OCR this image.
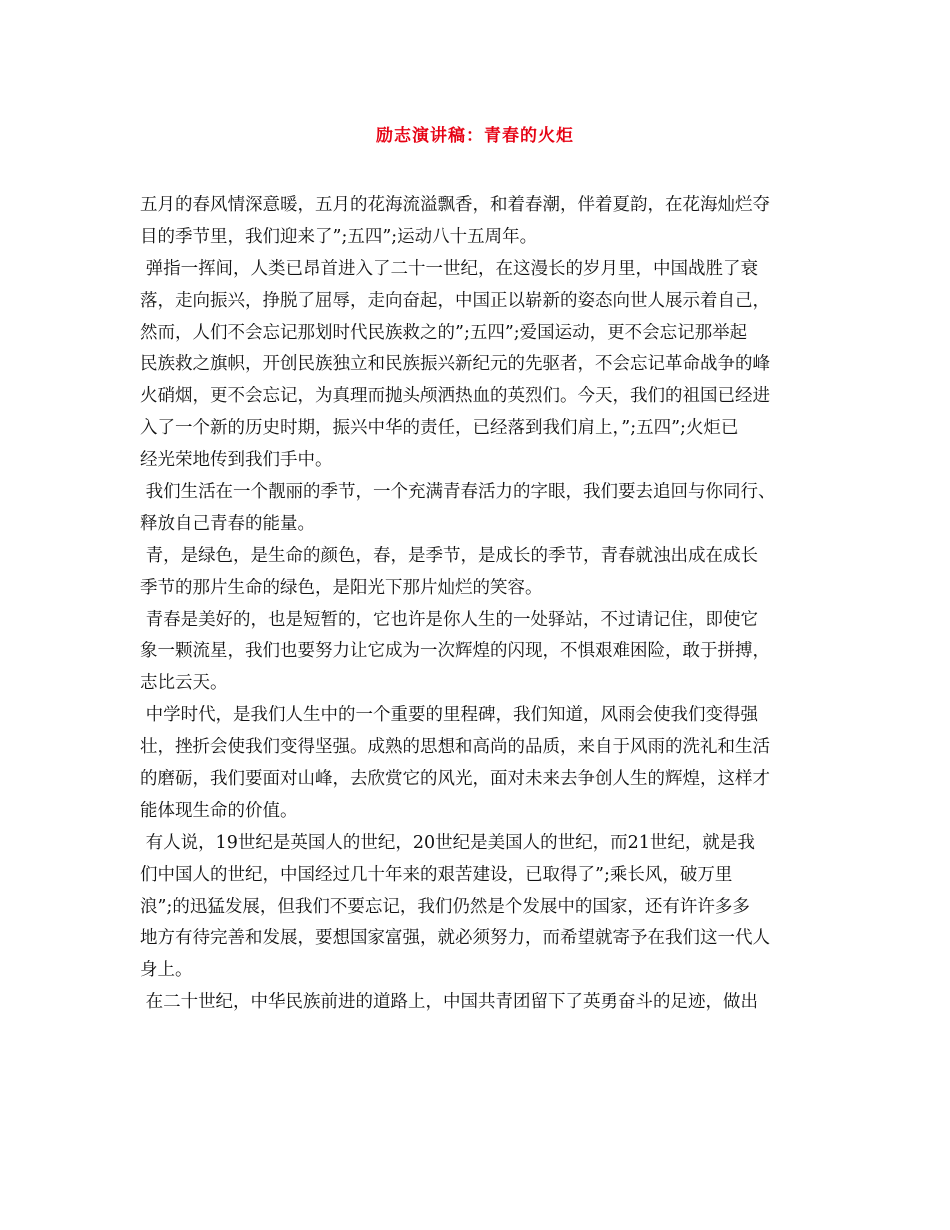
励志演讲稿：青春的火炬
五月的春风情深意暖，五月的花海流溢飘香，和着春潮，伴着夏韵，在花海灿烂夺
目的季节里，我们迎来了”;五四”;运动八十五周年。
弹指一挥间，人类已昂首进入了二十一世纪，在这漫长的岁月里，中国战胜了衰
落，走向振兴，挣脱了屈辱，走向奋起，中国正以崭新的姿态向世人展示着自己，
然而，人们不会忘记那划时代民族救之的”;五四”;爱国运动，更不会忘记那举起
民族救之旗帜，开创民族独立和民族振兴新纪元的先驱者，不会忘记革命战争的峰
火硝烟，更不会忘记，为真理而抛头颅洒热血的英烈们。今天，我们的祖国已经进
入了一个新的历史时期，振兴中华的责任，已经落到我们肩上，”;五四”;火炬已
经光荣地传到我们手中。
我们生活在一个靓丽的季节，一个充满青春活力的字眼，我们要去追回与你同行、
释放自己青春的能量。
青，是绿色，是生命的颜色，春，是季节，是成长的季节，青春就浊出成在成长
季节的那片生命的绿色，是阳光下那片灿烂的笑容。
青春是美好的，也是短暂的，它也许是你人生的一处驿站，不过请记住，即使它
象一颗流星，我们也要努力让它成为一次辉煌的闪现，不惧艰难困险，敢于拼搏，
志比云天。
中学时代，是我们人生中的一个重要的里程碑，我们知道，风雨会使我们变得强
壮，挫折会使我们变得坚强。成熟的思想和高尚的品质，来自于风雨的洗礼和生活
的磨砺，我们要面对山峰，去欣赏它的风光，面对未来去争创人生的辉煌，这样才
能体现生命的价值。
有人说，19世纪是英国人的世纪，20世纪是美国人的世纪，而21世纪，就是我
们中国人的世纪，中国经过几十年来的艰苦建设，已取得了”;乘长风，破万里
浪”;的迅猛发展，但我们不要忘记，我们仍然是个发展中的国家，还有许许多多
地方有待完善和发展，要想国家富强，就必须努力，而希望就寄予在我们这一代人
身上。
在二十世纪，中华民族前进的道路上，中国共青团留下了英勇奋斗的足迹，做出
